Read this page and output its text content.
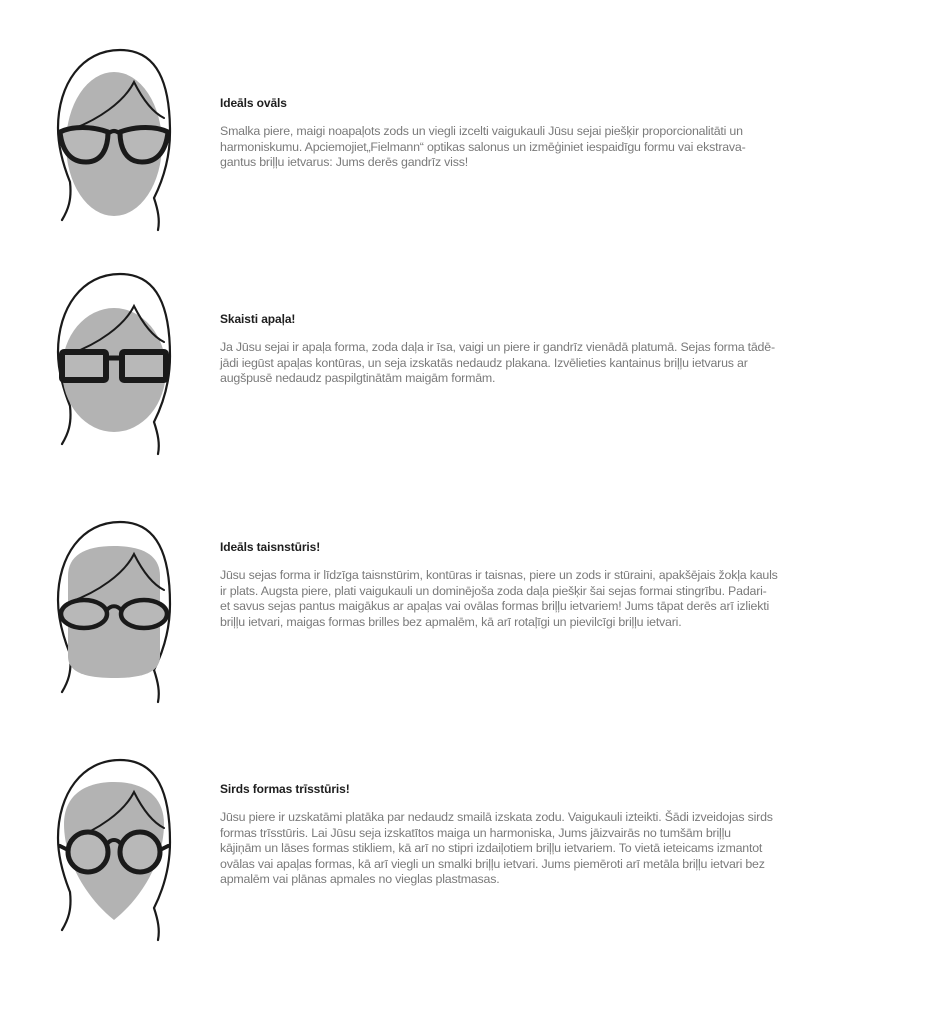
Ideāls ovāls

Smalka piere, maigi noapaļots zods un viegli izcelti vaigukauli Jūsu sejai piešķir proporcionalitāti un
harmoniskumu. Apciemojiet„Fielmann“ optikas salonus un izmēģiniet iespaidīgu formu vai ekstrava-
gantus briļļu ietvarus: Jums derēs gandrīz viss!

Skaisti apaļa!

Ja Jūsu sejai ir apaļa forma, zoda daļa ir īsa, vaigi un piere ir gandrīz vienādā platumā. Sejas forma tādē-
jādi iegūst apaļas kontūras, un seja izskatās nedaudz plakana. Izvēlieties kantainus briļļu ietvarus ar
augšpusē nedaudz paspilgtinātām maigām formām.

Ideāls taisnstūris!

Jūsu sejas forma ir līdzīga taisnstūrim, kontūras ir taisnas, piere un zods ir stūraini, apakšējais žokļa kauls
ir plats. Augsta piere, plati vaigukauli un dominējoša zoda daļa piešķir šai sejas formai stingrību. Padari-
et savus sejas pantus maigākus ar apaļas vai ovālas formas briļļu ietvariem! Jums tāpat derēs arī izliekti
briļļu ietvari, maigas formas brilles bez apmalēm, kā arī rotaļīgi un pievilcīgi briļļu ietvari.

Sirds formas trīsstūris!

Jūsu piere ir uzskatāmi platāka par nedaudz smailā izskata zodu. Vaigukauli izteikti. Šādi izveidojas sirds
formas trīsstūris. Lai Jūsu seja izskatītos maiga un harmoniska, Jums jāizvairās no tumšām briļļu
kājiņām un lāses formas stikliem, kā arī no stipri izdaiļotiem briļļu ietvariem. To vietā ieteicams izmantot
ovālas vai apaļas formas, kā arī viegli un smalki briļļu ietvari. Jums piemēroti arī metāla briļļu ietvari bez
apmalēm vai plānas apmales no vieglas plastmasas.
